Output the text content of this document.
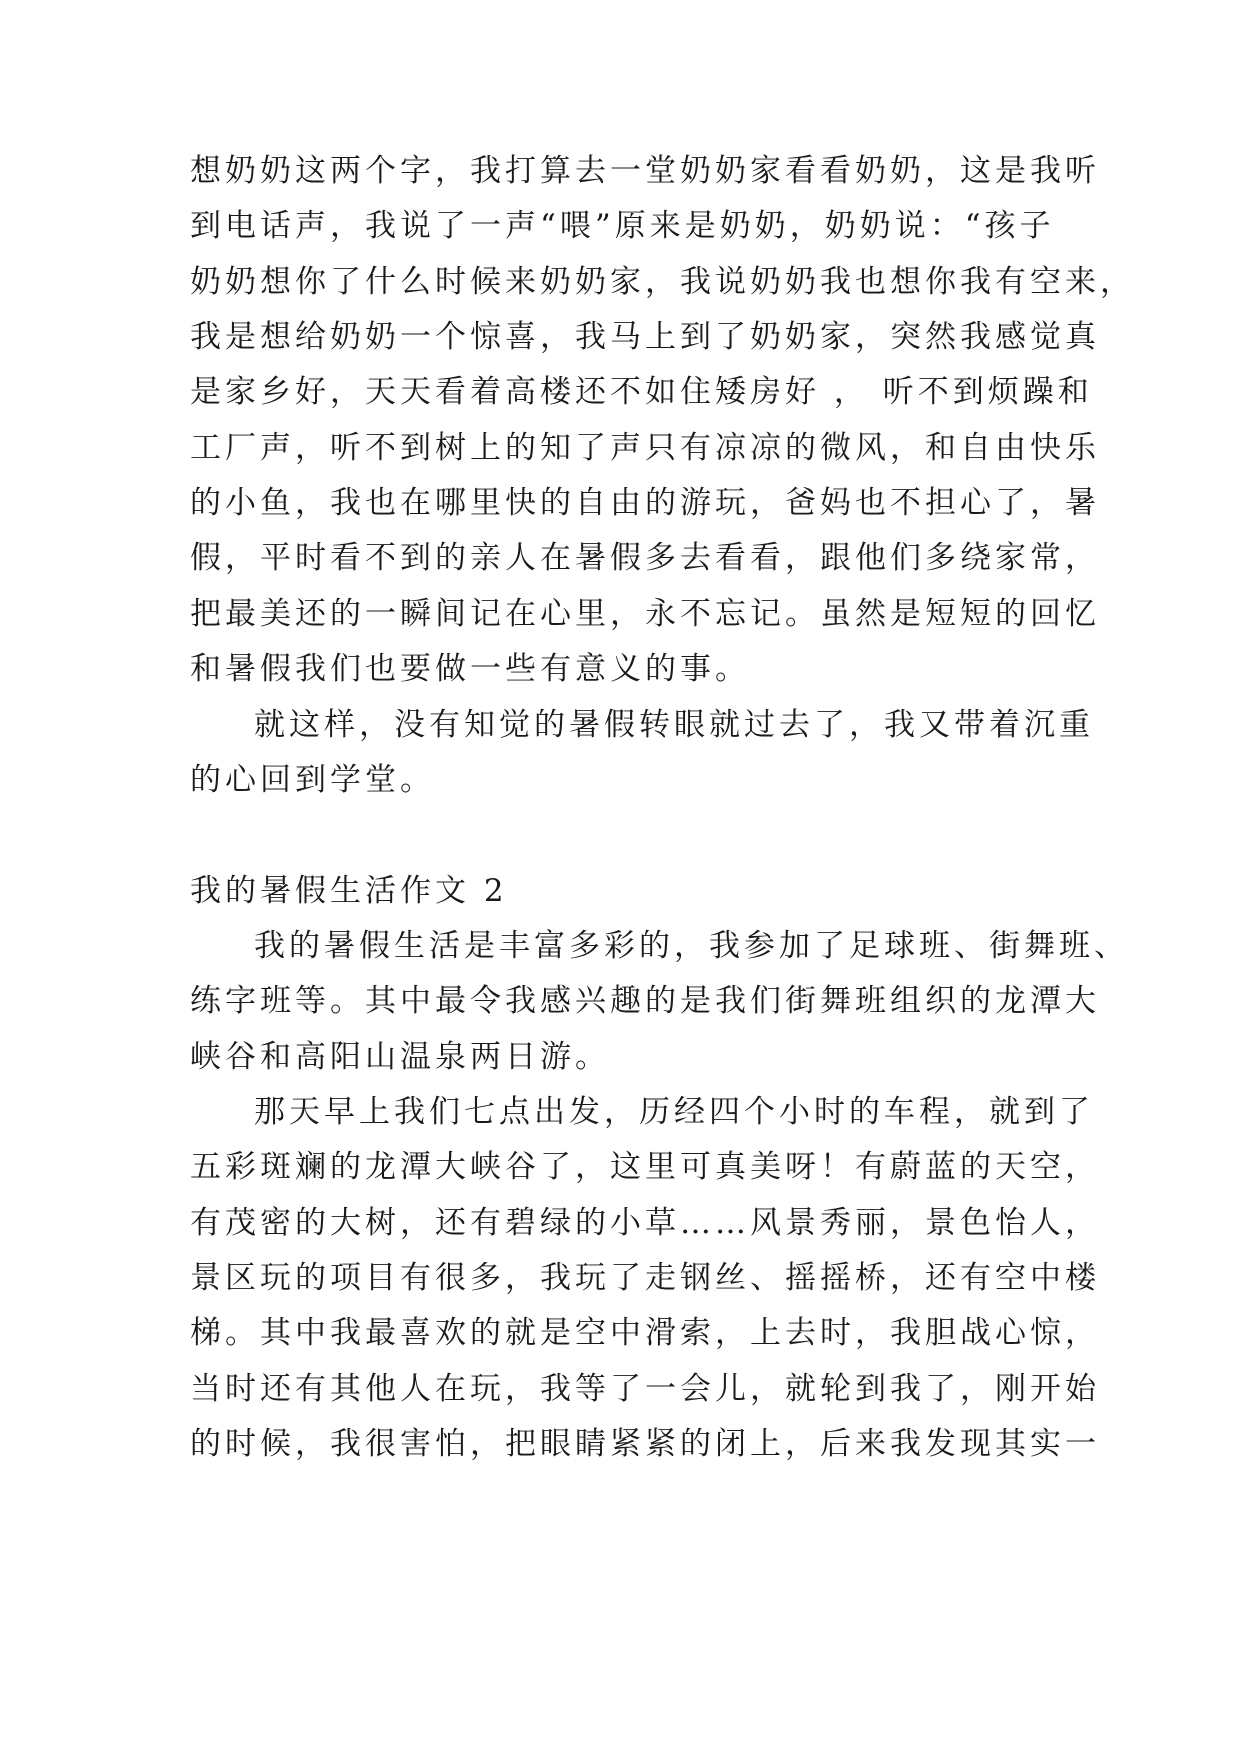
想奶奶这两个字，我打算去一堂奶奶家看看奶奶，这是我听

到电话声，我说了一声“喂”原来是奶奶，奶奶说：“孩子

奶奶想你了什么时候来奶奶家，我说奶奶我也想你我有空来，

我是想给奶奶一个惊喜，我马上到了奶奶家，突然我感觉真

是家乡好，天天看着高楼还不如住矮房好 ， 听不到烦躁和

工厂声，听不到树上的知了声只有凉凉的微风，和自由快乐

的小鱼，我也在哪里快的自由的游玩，爸妈也不担心了，暑

假，平时看不到的亲人在暑假多去看看，跟他们多绕家常，

把最美还的一瞬间记在心里，永不忘记。虽然是短短的回忆

和暑假我们也要做一些有意义的事。

就这样，没有知觉的暑假转眼就过去了，我又带着沉重

的心回到学堂。

我的暑假生活作文 2

我的暑假生活是丰富多彩的，我参加了足球班、街舞班、

练字班等。其中最令我感兴趣的是我们街舞班组织的龙潭大

峡谷和高阳山温泉两日游。

那天早上我们七点出发，历经四个小时的车程，就到了

五彩斑斓的龙潭大峡谷了，这里可真美呀！有蔚蓝的天空，

有茂密的大树，还有碧绿的小草……风景秀丽，景色怡人，

景区玩的项目有很多，我玩了走钢丝、摇摇桥，还有空中楼

梯。其中我最喜欢的就是空中滑索，上去时，我胆战心惊，

当时还有其他人在玩，我等了一会儿，就轮到我了，刚开始

的时候，我很害怕，把眼睛紧紧的闭上，后来我发现其实一
